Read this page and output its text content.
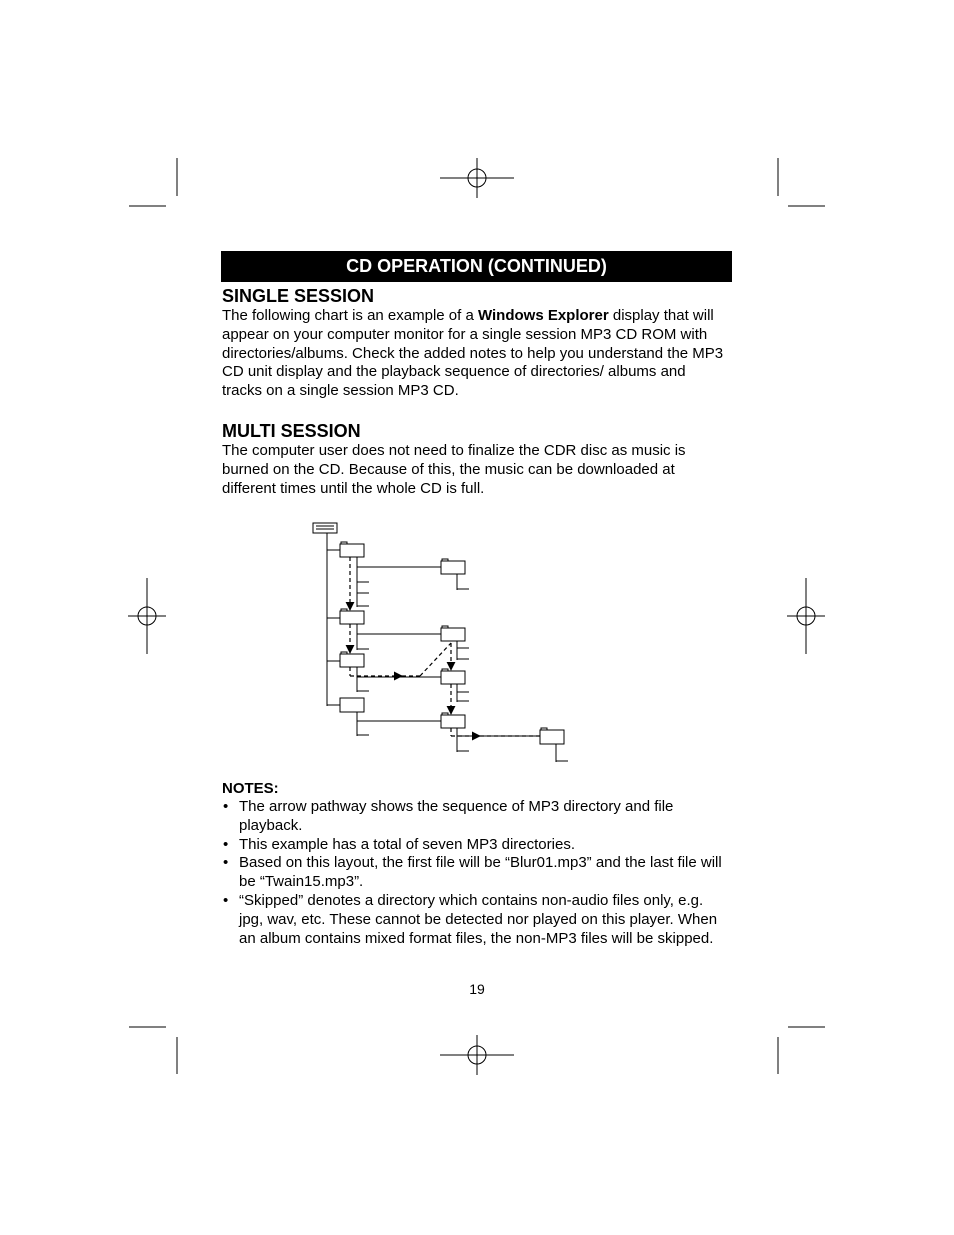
CD OPERATION (CONTINUED)
SINGLE SESSION

The following chart is an example of a Windows Explorer display that will appear on your computer monitor for a single session MP3 CD ROM with directories/albums. Check the added notes to help you understand the MP3 CD unit display and the playback sequence of directories/ albums and tracks on a single session MP3 CD.

MULTI SESSION

The computer user does not need to finalize the CDR disc as music is burned on the CD. Because of this, the music can be downloaded at different times until the whole CD is full.

NOTES:
• The arrow pathway shows the sequence of MP3 directory and file playback.
• This example has a total of seven MP3 directories.
• Based on this layout, the first file will be “Blur01.mp3” and the last file will be “Twain15.mp3”.
• “Skipped” denotes a directory which contains non-audio files only, e.g. jpg, wav, etc. These cannot be detected nor played on this player. When an album contains mixed format files, the non-MP3 files will be skipped.
19
